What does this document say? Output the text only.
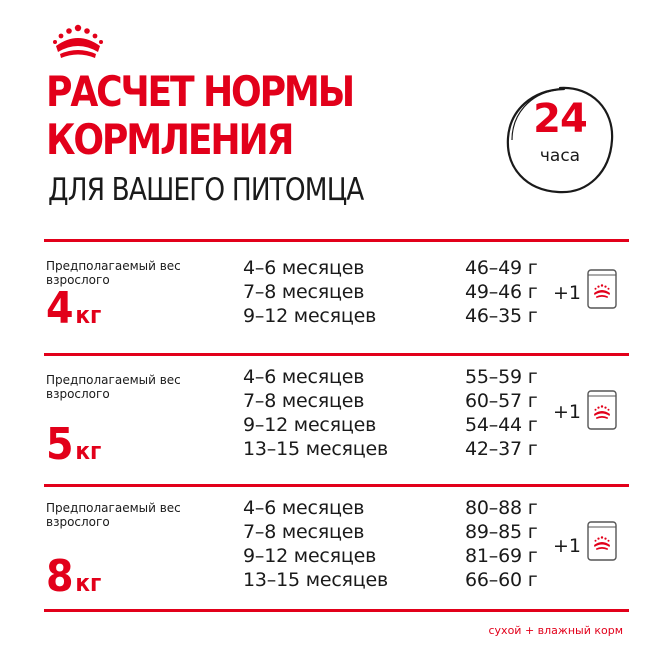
РАСЧЕТ НОРМЫ
КОРМЛЕНИЯ
ДЛЯ ВАШЕГО ПИТОМЦА
24
часа
Предполагаемый вес взрослого
4кг
4–6 месяцев	46–49 г
7–8 месяцев	49–46 г
9–12 месяцев	46–35 г
+1
Предполагаемый вес взрослого
5кг
4–6 месяцев	55–59 г
7–8 месяцев	60–57 г
9–12 месяцев	54–44 г
13–15 месяцев	42–37 г
+1
Предполагаемый вес взрослого
8кг
4–6 месяцев	80–88 г
7–8 месяцев	89–85 г
9–12 месяцев	81–69 г
13–15 месяцев	66–60 г
+1
сухой + влажный корм
